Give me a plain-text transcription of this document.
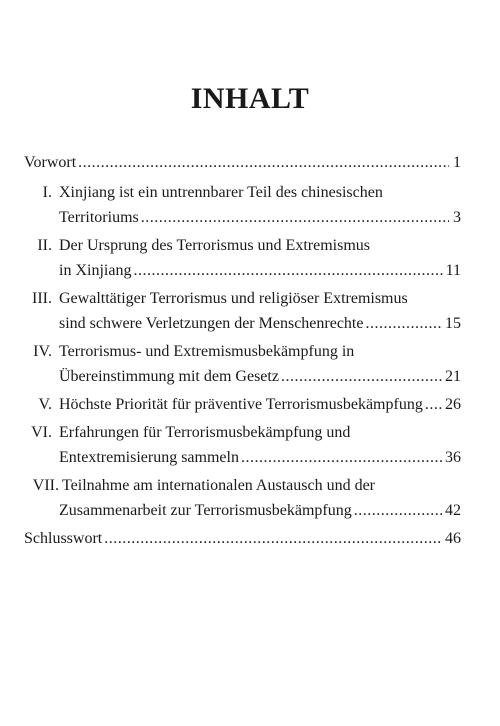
INHALT
Vorwort .....	1
I. Xinjiang ist ein untrennbarer Teil des chinesischen
Territoriums .....	3
II. Der Ursprung des Terrorismus und Extremismus
in Xinjiang .....	11
III. Gewalttätiger Terrorismus und religiöser Extremismus
sind schwere Verletzungen der Menschenrechte .....	15
IV. Terrorismus- und Extremismusbekämpfung in
Übereinstimmung mit dem Gesetz .....	21
V. Höchste Priorität für präventive Terrorismusbekämpfung ..... 26
VI. Erfahrungen für Terrorismusbekämpfung und
Entextremisierung sammeln .....	36
VII. Teilnahme am internationalen Austausch und der
Zusammenarbeit zur Terrorismusbekämpfung .....	42
Schlusswort .....	46
